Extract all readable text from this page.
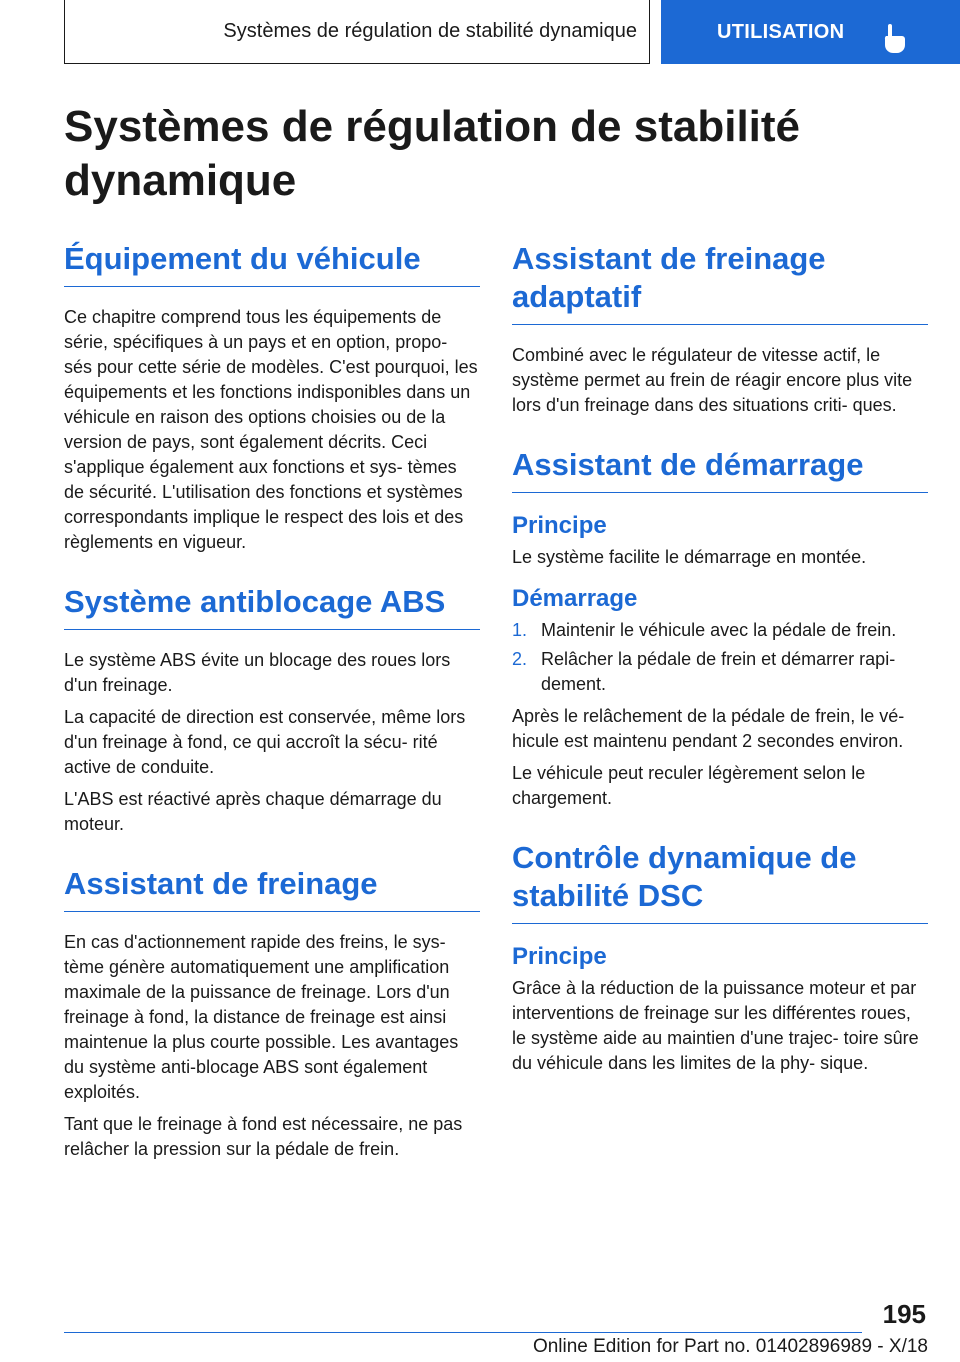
Systèmes de régulation de stabilité dynamique	UTILISATION
Systèmes de régulation de stabilité dynamique
Équipement du véhicule

Ce chapitre comprend tous les équipements de série, spécifiques à un pays et en option, propo‐ sés pour cette série de modèles. C'est pourquoi, les équipements et les fonctions indisponibles dans un véhicule en raison des options choisies ou de la version de pays, sont également décrits. Ceci s'applique également aux fonctions et sys‐ tèmes de sécurité. L'utilisation des fonctions et systèmes correspondants implique le respect des lois et des règlements en vigueur.

Système antiblocage ABS

Le système ABS évite un blocage des roues lors d'un freinage.

La capacité de direction est conservée, même lors d'un freinage à fond, ce qui accroît la sécu‐ rité active de conduite.

L'ABS est réactivé après chaque démarrage du moteur.

Assistant de freinage

En cas d'actionnement rapide des freins, le sys‐ tème génère automatiquement une amplification maximale de la puissance de freinage. Lors d'un freinage à fond, la distance de freinage est ainsi maintenue la plus courte possible. Les avantages du système anti‐blocage ABS sont également exploités.

Tant que le freinage à fond est nécessaire, ne pas relâcher la pression sur la pédale de frein.

Assistant de freinage adaptatif

Combiné avec le régulateur de vitesse actif, le système permet au frein de réagir encore plus vite lors d'un freinage dans des situations criti‐ ques.

Assistant de démarrage
Principe

Le système facilite le démarrage en montée.

Démarrage
1. Maintenir le véhicule avec la pédale de frein.
2. Relâcher la pédale de frein et démarrer rapi‐ dement.

Après le relâchement de la pédale de frein, le vé‐ hicule est maintenu pendant 2 secondes environ.

Le véhicule peut reculer légèrement selon le chargement.

Contrôle dynamique de stabilité DSC
Principe

Grâce à la réduction de la puissance moteur et par interventions de freinage sur les différentes roues, le système aide au maintien d'une trajec‐ toire sûre du véhicule dans les limites de la phy‐ sique.

195
Online Edition for Part no. 01402896989 - X/18
